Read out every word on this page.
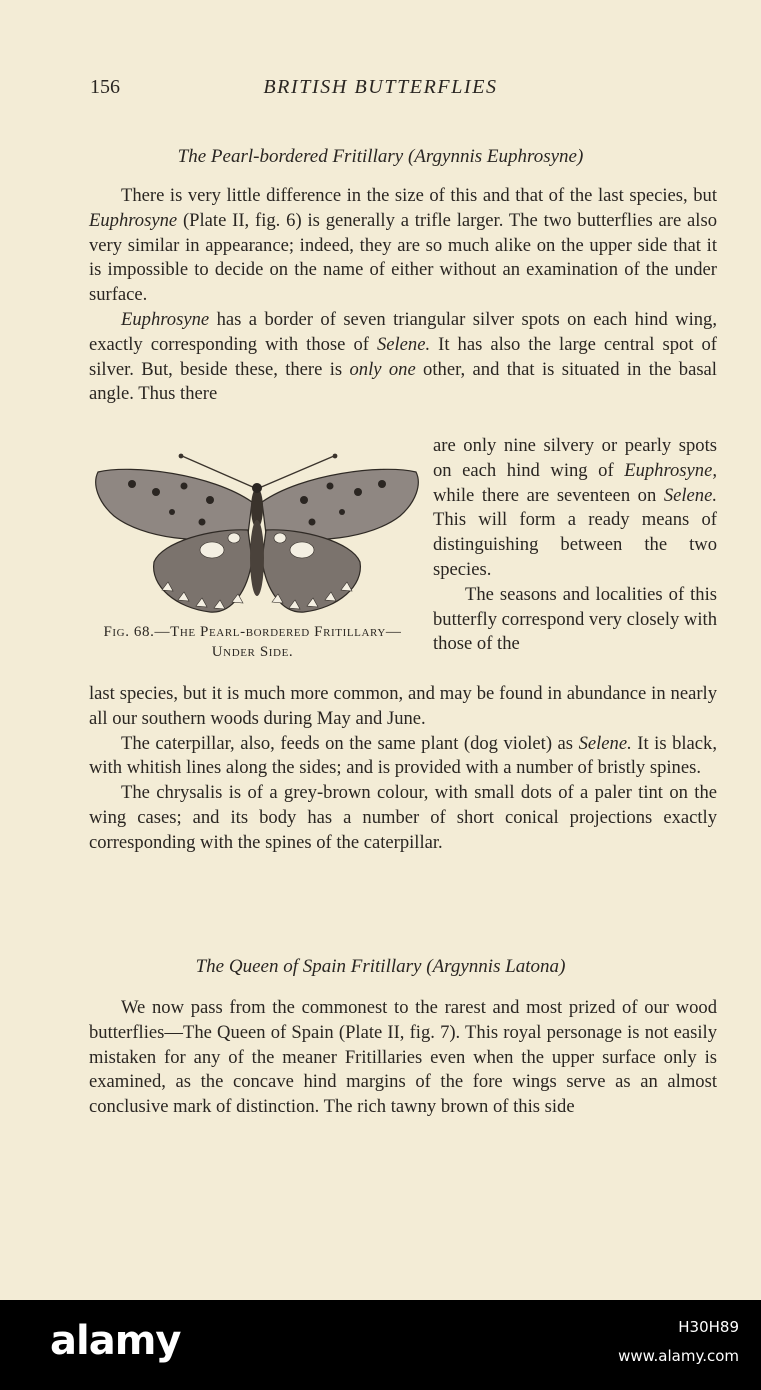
156	BRITISH BUTTERFLIES
The Pearl-bordered Fritillary (Argynnis Euphrosyne)

There is very little difference in the size of this and that of the last species, but Euphrosyne (Plate II, fig. 6) is generally a trifle larger. The two butterflies are also very similar in appearance; indeed, they are so much alike on the upper side that it is impossible to decide on the name of either without an examination of the under surface.

Euphrosyne has a border of seven triangular silver spots on each hind wing, exactly corresponding with those of Selene. It has also the large central spot of silver. But, beside these, there is only one other, and that is situated in the basal angle. Thus there

are only nine silvery or pearly spots on each hind wing of Euphrosyne, while there are seventeen on Selene. This will form a ready means of distinguishing between the two species.

The seasons and localities of this butterfly correspond very closely with those of the

Fig. 68.—The Pearl-bordered Fritillary—Under Side.

last species, but it is much more common, and may be found in abundance in nearly all our southern woods during May and June.

The caterpillar, also, feeds on the same plant (dog violet) as Selene. It is black, with whitish lines along the sides; and is provided with a number of bristly spines.

The chrysalis is of a grey-brown colour, with small dots of a paler tint on the wing cases; and its body has a number of short conical projections exactly corresponding with the spines of the caterpillar.

The Queen of Spain Fritillary (Argynnis Latona)

We now pass from the commonest to the rarest and most prized of our wood butterflies—The Queen of Spain (Plate II, fig. 7). This royal personage is not easily mistaken for any of the meaner Fritillaries even when the upper surface only is examined, as the concave hind margins of the fore wings serve as an almost conclusive mark of distinction. The rich tawny brown of this side

alamy	H30H89
www.alamy.com
